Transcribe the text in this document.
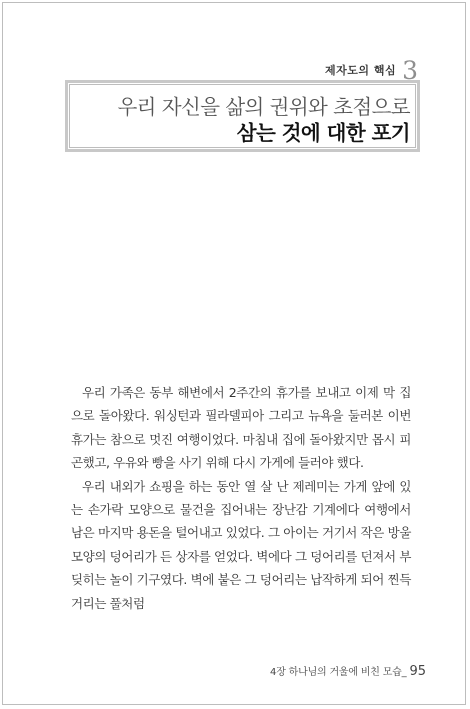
제자도의 핵심 3
우리 자신을 삶의 권위와 초점으로
삼는 것에 대한 포기

우리 가족은 동부 해변에서 2주간의 휴가를 보내고 이제 막 집으로 돌아왔다. 워싱턴과 필라델피아 그리고 뉴욕을 둘러본 이번 휴가는 참으로 멋진 여행이었다. 마침내 집에 돌아왔지만 몹시 피곤했고, 우유와 빵을 사기 위해 다시 가게에 들러야 했다.

우리 내외가 쇼핑을 하는 동안 열 살 난 제레미는 가게 앞에 있는 손가락 모양으로 물건을 집어내는 장난감 기계에다 여행에서 남은 마지막 용돈을 털어내고 있었다. 그 아이는 거기서 작은 방울 모양의 덩어리가 든 상자를 얻었다. 벽에다 그 덩어리를 던져서 부딪히는 놀이 기구였다. 벽에 붙은 그 덩어리는 납작하게 되어 찐득거리는 풀처럼

4장 하나님의 거울에 비친 모습_ 95
